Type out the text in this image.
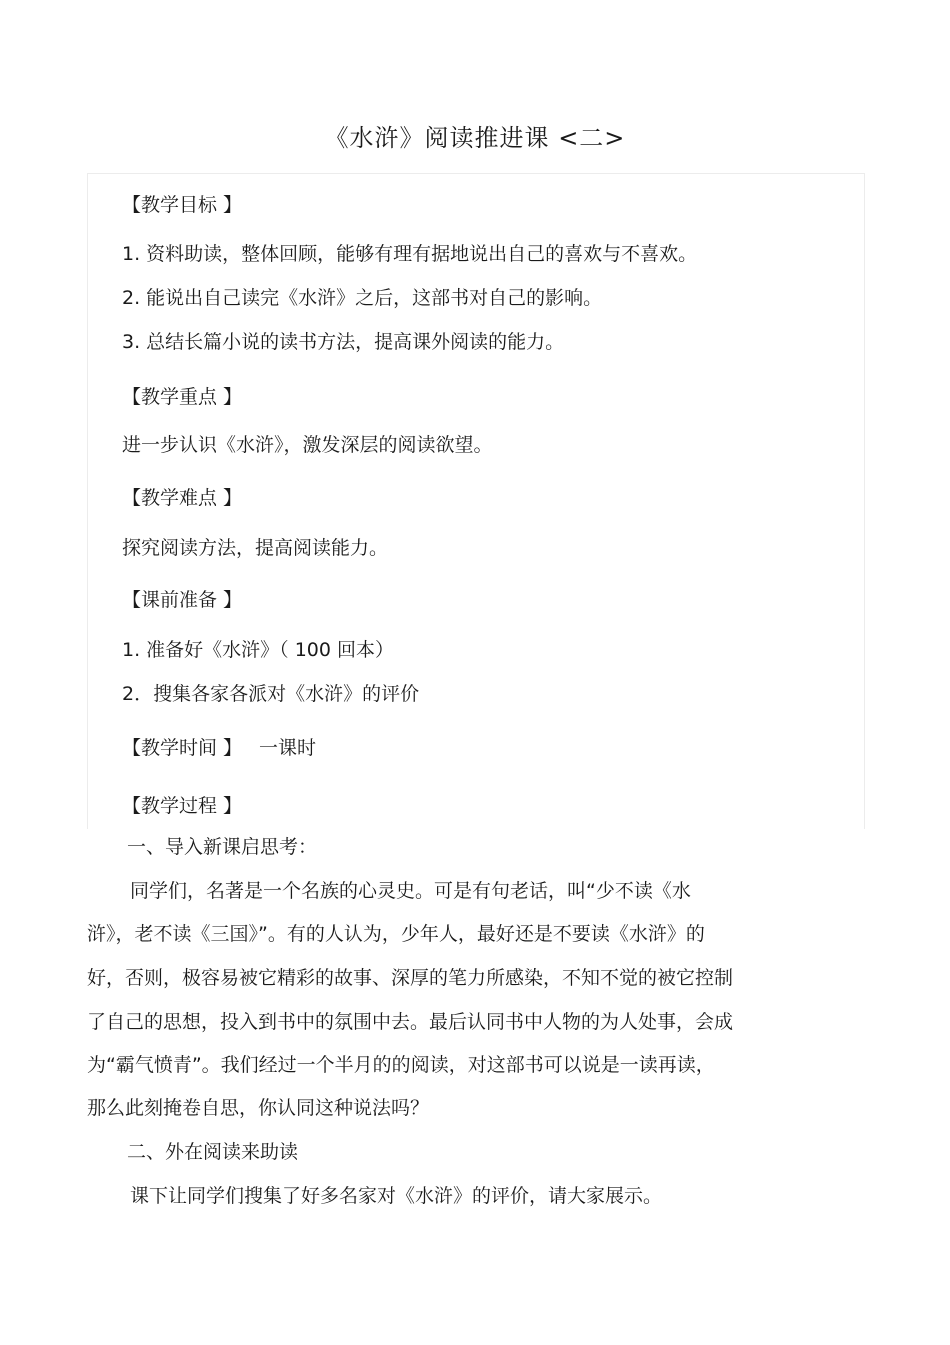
《水浒》阅读推进课 <二>
【教学目标 】
1. 资料助读，整体回顾，能够有理有据地说出自己的喜欢与不喜欢。
2. 能说出自己读完《水浒》之后，这部书对自己的影响。
3. 总结长篇小说的读书方法，提高课外阅读的能力。
【教学重点 】
进一步认识《水浒》，激发深层的阅读欲望。
【教学难点 】
探究阅读方法，提高阅读能力。
【课前准备 】
1. 准备好《水浒》（ 100 回本）
2．搜集各家各派对《水浒》的评价
【教学时间 】 一课时
【教学过程 】
一、导入新课启思考：
同学们，名著是一个名族的心灵史。可是有句老话，叫“少不读《水
浒》，老不读《三国》”。有的人认为，少年人，最好还是不要读《水浒》的
好，否则，极容易被它精彩的故事、深厚的笔力所感染，不知不觉的被它控制
了自己的思想，投入到书中的氛围中去。最后认同书中人物的为人处事，会成
为“霸气愤青”。我们经过一个半月的的阅读，对这部书可以说是一读再读，
那么此刻掩卷自思，你认同这种说法吗？
二、外在阅读来助读
课下让同学们搜集了好多名家对《水浒》的评价，请大家展示。
